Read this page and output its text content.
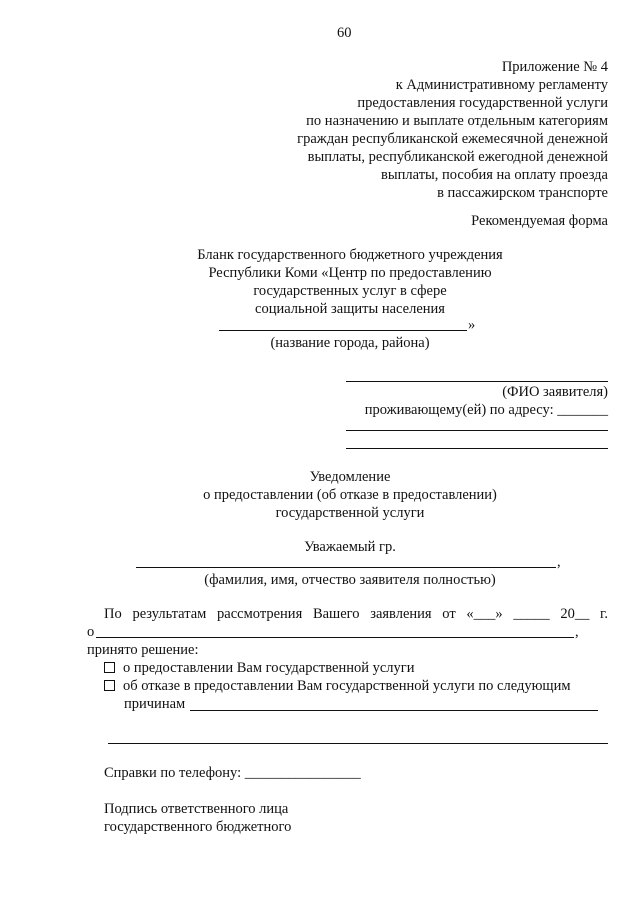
60
Приложение № 4
к Административному регламенту
предоставления государственной услуги
по назначению и выплате отдельным категориям
граждан республиканской ежемесячной денежной
выплаты, республиканской ежегодной денежной
выплаты, пособия на оплату проезда
в пассажирском транспорте
Рекомендуемая форма
Бланк государственного бюджетного учреждения
Республики Коми «Центр по предоставлению
государственных услуг в сфере
социальной защиты населения
»
(название города, района)
(ФИО заявителя)
проживающему(ей) по адресу: _______
Уведомление
о предоставлении (об отказе в предоставлении)
государственной услуги
Уважаемый гр.
,
(фамилия, имя, отчество заявителя полностью)
По результатам рассмотрения Вашего заявления от «___» _____ 20__ г.
о	,
принято решение:
о предоставлении Вам государственной услуги
об отказе в предоставлении Вам государственной услуги по следующим
причинам
Справки по телефону: ________________
Подпись ответственного лица
государственного бюджетного
